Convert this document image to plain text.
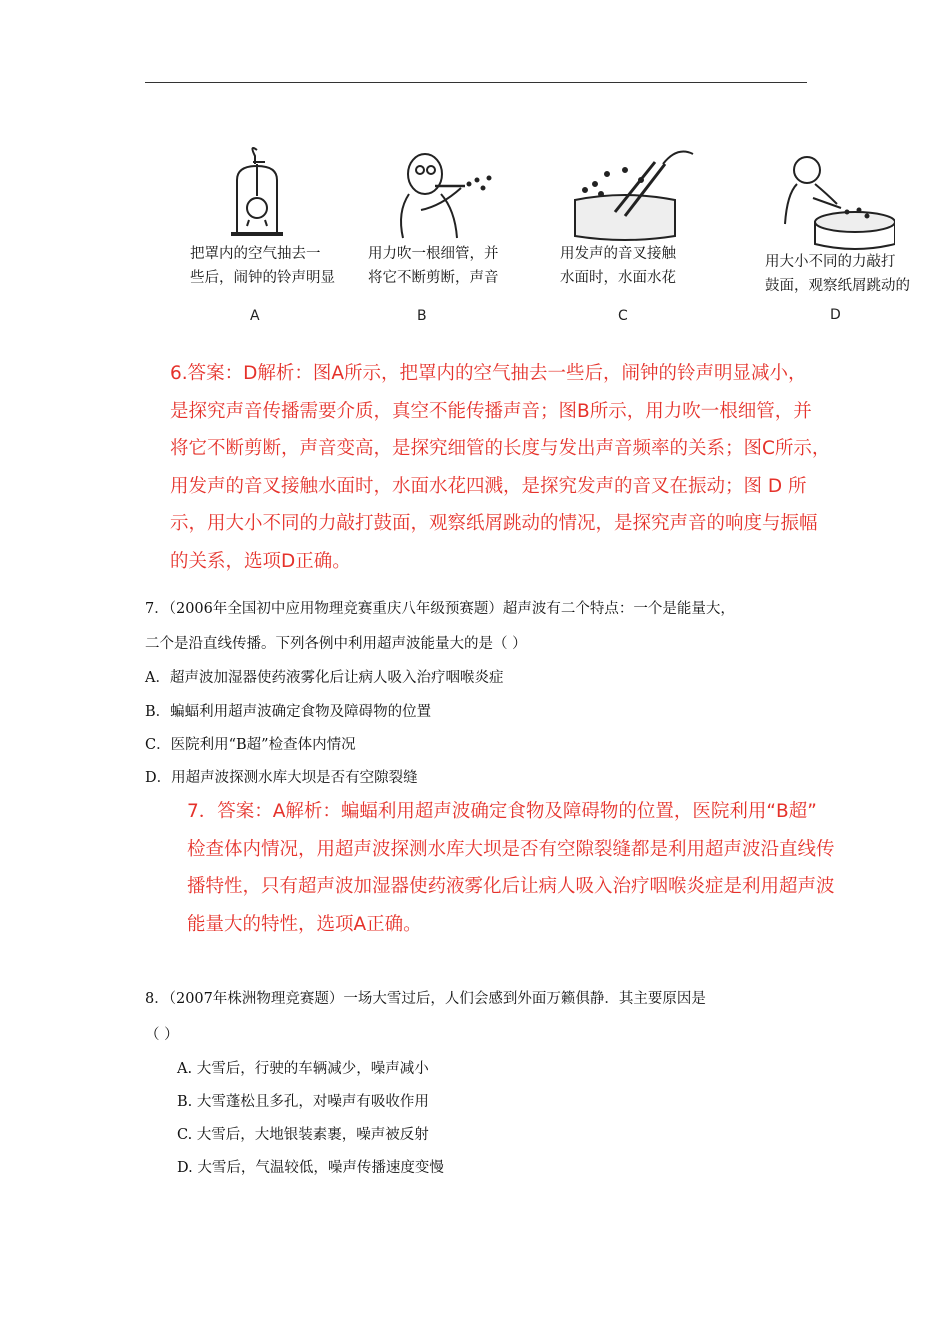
把罩内的空气抽去一
些后，闹钟的铃声明显
A
用力吹一根细管，并
将它不断剪断，声音
B
用发声的音叉接触
水面时，水面水花
C
用大小不同的力敲打
鼓面，观察纸屑跳动的
D
6.答案：D解析：图A所示，把罩内的空气抽去一些后，闹钟的铃声明显减小，
是探究声音传播需要介质，真空不能传播声音；图B所示，用力吹一根细管，并
将它不断剪断，声音变高，是探究细管的长度与发出声音频率的关系；图C所示，
用发声的音叉接触水面时，水面水花四溅，是探究发声的音叉在振动；图 D 所
示，用大小不同的力敲打鼓面，观察纸屑跳动的情况，是探究声音的响度与振幅
的关系，选项D正确。
7．（2006年全国初中应用物理竞赛重庆八年级预赛题）超声波有二个特点：一个是能量大，
二个是沿直线传播。下列各例中利用超声波能量大的是（ ）
A．超声波加湿器使药液雾化后让病人吸入治疗咽喉炎症
B．蝙蝠利用超声波确定食物及障碍物的位置
C．医院利用“B超”检查体内情况
D．用超声波探测水库大坝是否有空隙裂缝
7．答案：A解析：蝙蝠利用超声波确定食物及障碍物的位置，医院利用“B超”
检查体内情况，用超声波探测水库大坝是否有空隙裂缝都是利用超声波沿直线传
播特性，只有超声波加湿器使药液雾化后让病人吸入治疗咽喉炎症是利用超声波
能量大的特性，选项A正确。
8．（2007年株洲物理竞赛题）一场大雪过后，人们会感到外面万籁俱静．其主要原因是
（ ）
A. 大雪后，行驶的车辆减少，噪声减小
B. 大雪蓬松且多孔，对噪声有吸收作用
C. 大雪后，大地银装素裹，噪声被反射
D. 大雪后，气温较低，噪声传播速度变慢
